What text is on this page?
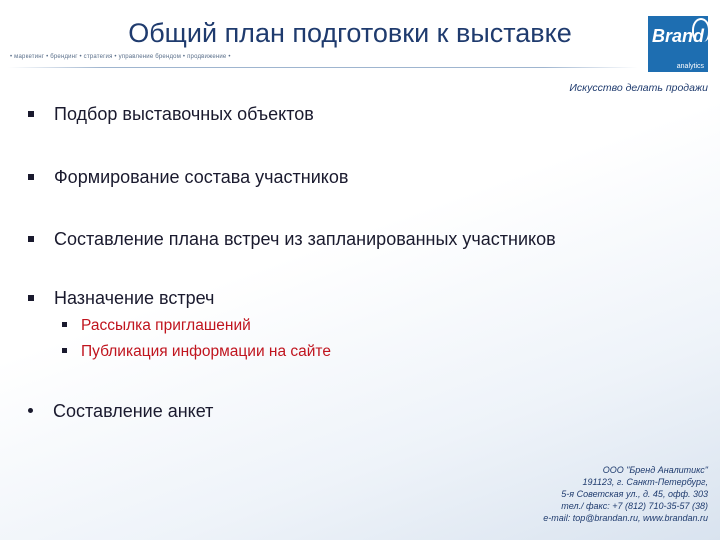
Общий план подготовки к выставке
• маркетинг • брендинг • стратегия • управление брендом • продвижение •
Brand
analytics
Искусство делать продажи
Подбор выставочных объектов
Формирование состава участников
Составление плана встреч из запланированных участников
Назначение встреч
Рассылка приглашений
Публикация информации на сайте
Составление анкет
ООО "Бренд Аналитикс"
191123, г. Санкт-Петербург,
5-я Советская ул., д. 45, офф. 303
тел./ факс: +7 (812) 710-35-57 (38)
e-mail: top@brandan.ru, www.brandan.ru
